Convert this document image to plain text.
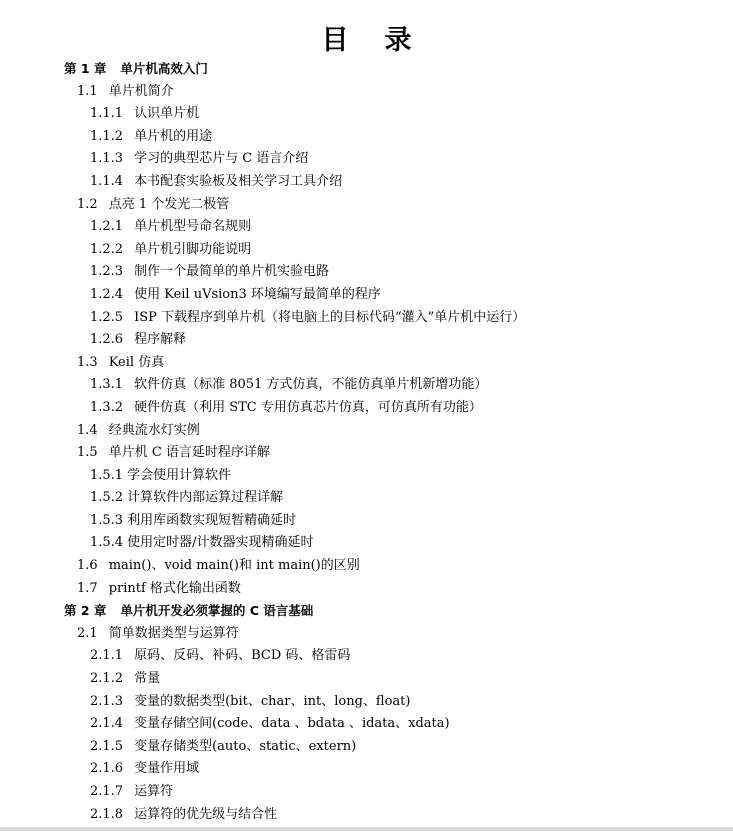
目 录
第 1 章 单片机高效入门
1.1 单片机简介
1.1.1 认识单片机
1.1.2 单片机的用途
1.1.3 学习的典型芯片与 C 语言介绍
1.1.4 本书配套实验板及相关学习工具介绍
1.2 点亮 1 个发光二极管
1.2.1 单片机型号命名规则
1.2.2 单片机引脚功能说明
1.2.3 制作一个最简单的单片机实验电路
1.2.4 使用 Keil uVsion3 环境编写最简单的程序
1.2.5 ISP 下载程序到单片机（将电脑上的目标代码“灌入”单片机中运行）
1.2.6 程序解释
1.3 Keil 仿真
1.3.1 软件仿真（标准 8051 方式仿真，不能仿真单片机新增功能）
1.3.2 硬件仿真（利用 STC 专用仿真芯片仿真，可仿真所有功能）
1.4 经典流水灯实例
1.5 单片机 C 语言延时程序详解
1.5.1 学会使用计算软件
1.5.2 计算软件内部运算过程详解
1.5.3 利用库函数实现短暂精确延时
1.5.4 使用定时器/计数器实现精确延时
1.6 main()、void main()和 int main()的区别
1.7 printf 格式化输出函数
第 2 章 单片机开发必须掌握的 C 语言基础
2.1 简单数据类型与运算符
2.1.1 原码、反码、补码、BCD 码、格雷码
2.1.2 常量
2.1.3 变量的数据类型(bit、char、int、long、float)
2.1.4 变量存储空间(code、data 、bdata 、idata、xdata)
2.1.5 变量存储类型(auto、static、extern)
2.1.6 变量作用域
2.1.7 运算符
2.1.8 运算符的优先级与结合性
